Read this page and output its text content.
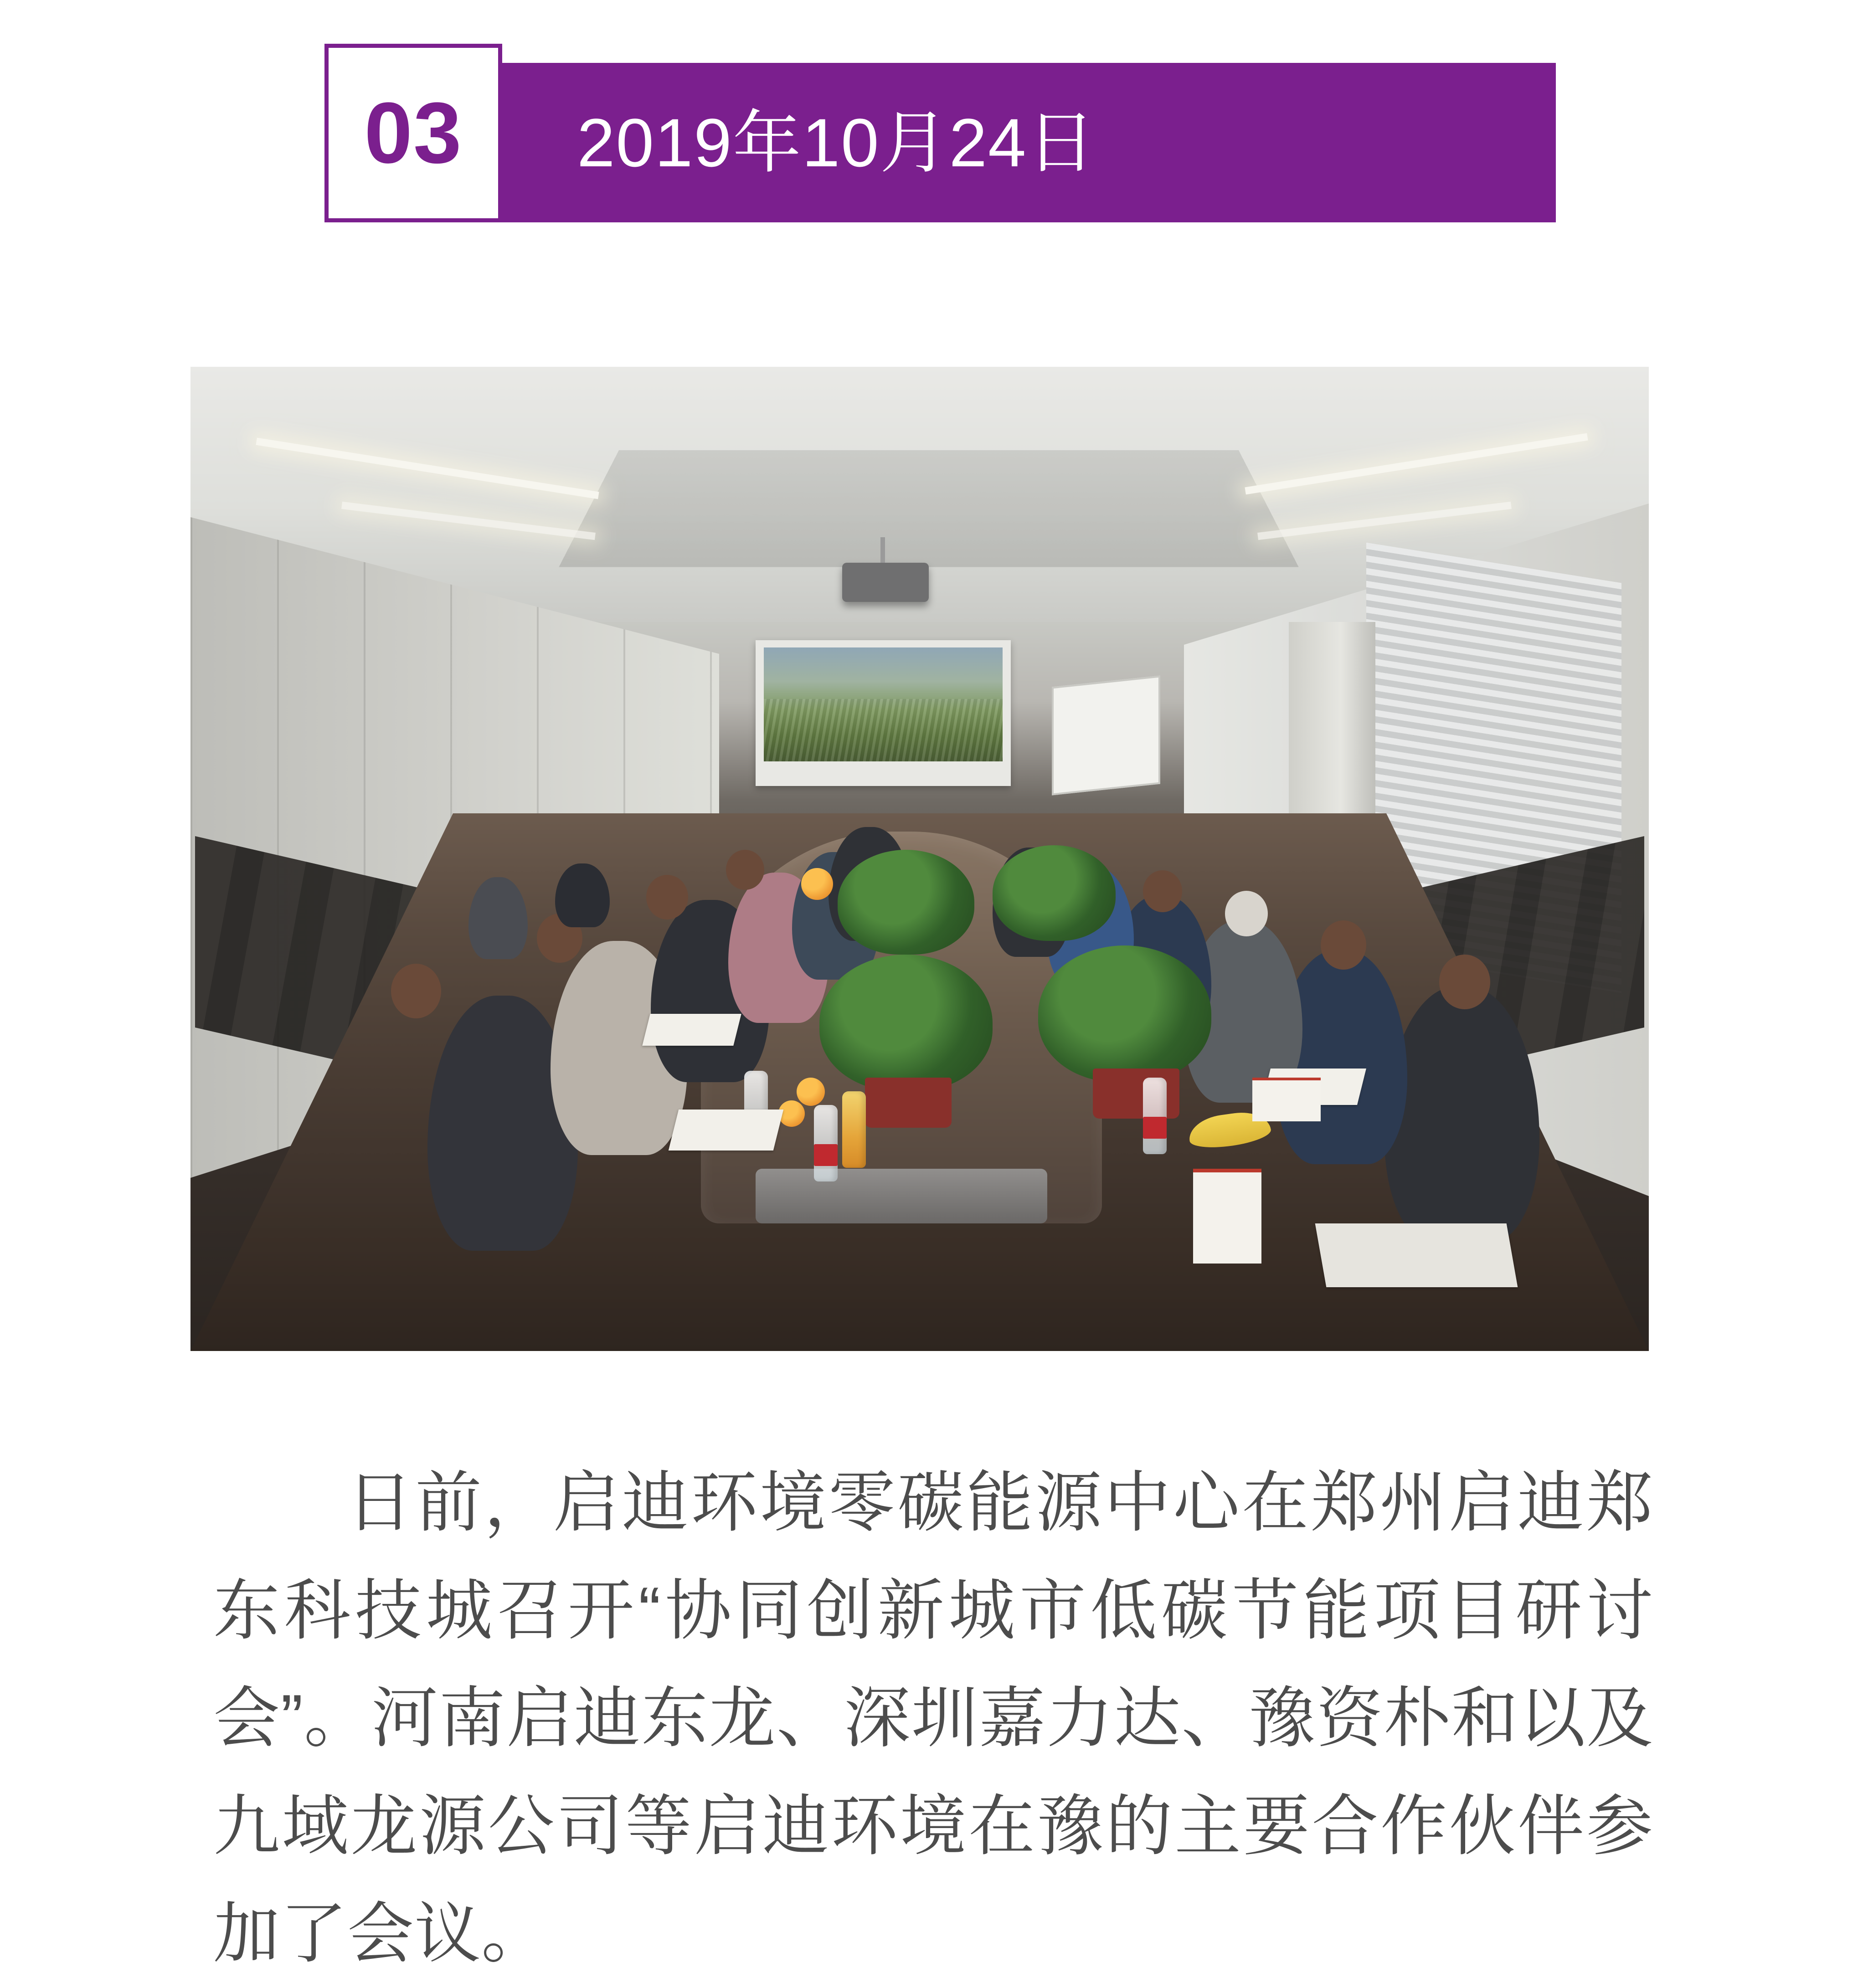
03 2019年10月24日

日前，启迪环境零碳能源中心在郑州启迪郑东科技城召开“协同创新城市低碳节能项目研讨会”。河南启迪东龙、深圳嘉力达、豫资朴和以及九域龙源公司等启迪环境在豫的主要合作伙伴参加了会议。
